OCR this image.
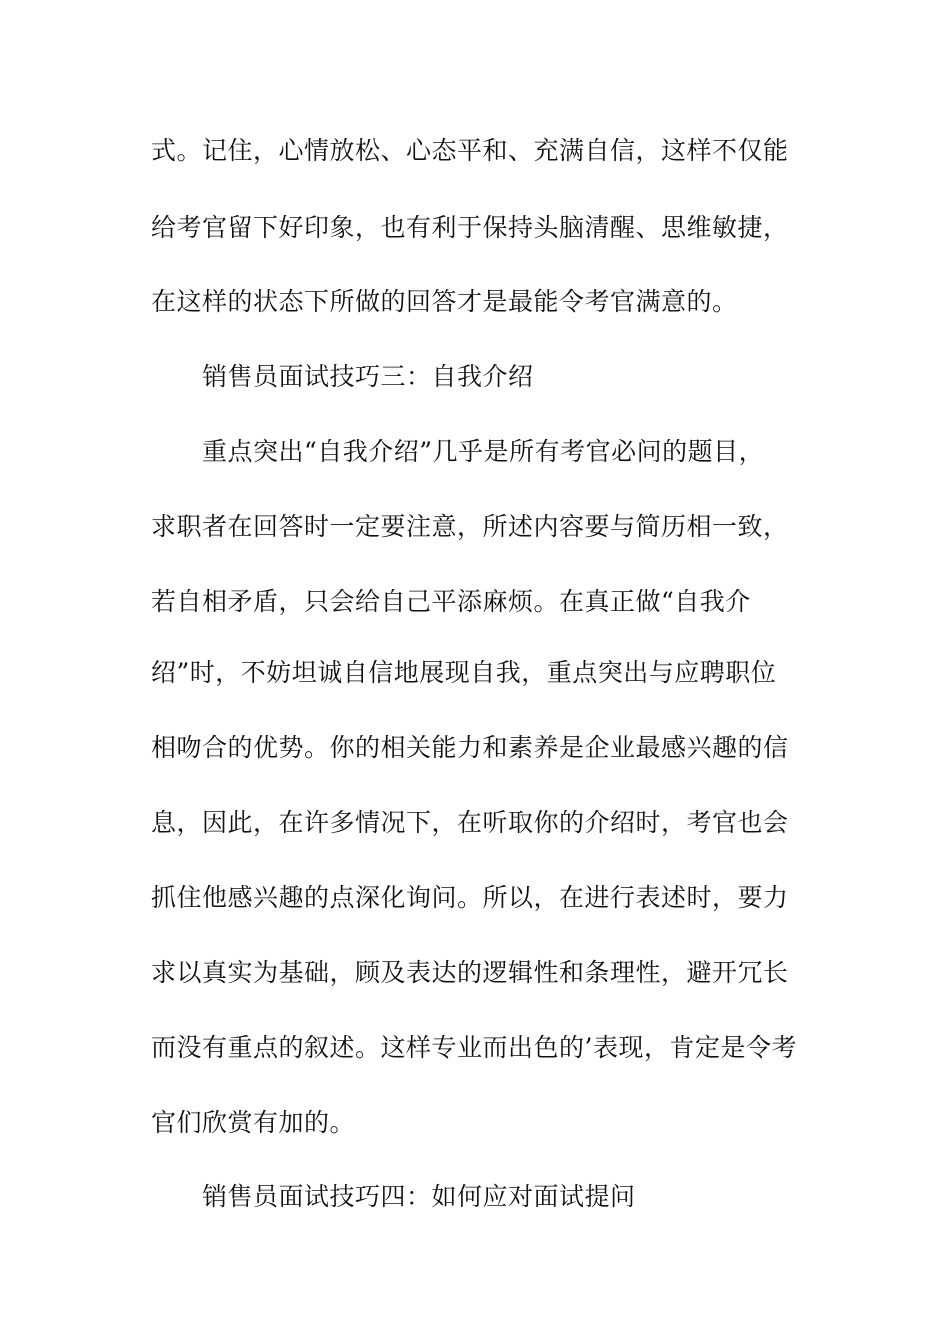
式。记住，心情放松、心态平和、充满自信，这样不仅能
给考官留下好印象，也有利于保持头脑清醒、思维敏捷，
在这样的状态下所做的回答才是最能令考官满意的。
销售员面试技巧三：自我介绍
重点突出“自我介绍”几乎是所有考官必问的题目，
求职者在回答时一定要注意，所述内容要与简历相一致，
若自相矛盾，只会给自己平添麻烦。在真正做“自我介
绍”时，不妨坦诚自信地展现自我，重点突出与应聘职位
相吻合的优势。你的相关能力和素养是企业最感兴趣的信
息，因此，在许多情况下，在听取你的介绍时，考官也会
抓住他感兴趣的点深化询问。所以，在进行表述时，要力
求以真实为基础，顾及表达的逻辑性和条理性，避开冗长
而没有重点的叙述。这样专业而出色的’表现，肯定是令考
官们欣赏有加的。
销售员面试技巧四：如何应对面试提问
